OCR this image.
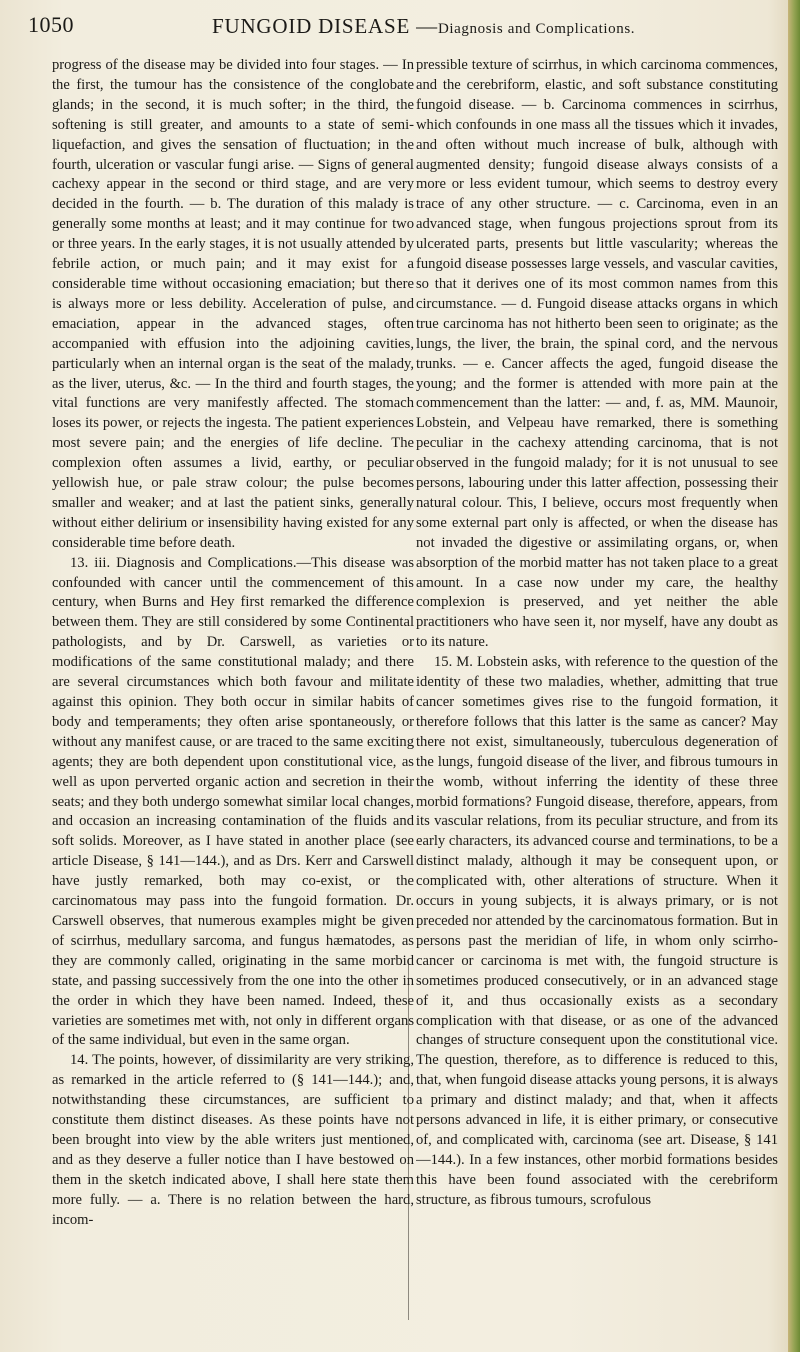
1050	FUNGOID DISEASE —Diagnosis and Complications.

progress of the disease may be divided into four stages. — In the first, the tumour has the consistence of the conglobate glands; in the second, it is much softer; in the third, the softening is still greater, and amounts to a state of semi-liquefaction, and gives the sensation of fluctuation; in the fourth, ulceration or vascular fungi arise. — Signs of general cachexy appear in the second or third stage, and are very decided in the fourth. — b. The duration of this malady is generally some months at least; and it may continue for two or three years. In the early stages, it is not usually attended by febrile action, or much pain; and it may exist for a considerable time without occasioning emaciation; but there is always more or less debility. Acceleration of pulse, and emaciation, appear in the advanced stages, often accompanied with effusion into the adjoining cavities, particularly when an internal organ is the seat of the malady, as the liver, uterus, &c. — In the third and fourth stages, the vital functions are very manifestly affected. The stomach loses its power, or rejects the ingesta. The patient experiences most severe pain; and the energies of life decline. The complexion often assumes a livid, earthy, or peculiar yellowish hue, or pale straw colour; the pulse becomes smaller and weaker; and at last the patient sinks, generally without either delirium or insensibility having existed for any considerable time before death.

13. iii. Diagnosis and Complications.—This disease was confounded with cancer until the commencement of this century, when Burns and Hey first remarked the difference between them. They are still considered by some Continental pathologists, and by Dr. Carswell, as varieties or modifications of the same constitutional malady; and there are several circumstances which both favour and militate against this opinion. They both occur in similar habits of body and temperaments; they often arise spontaneously, or without any manifest cause, or are traced to the same exciting agents; they are both dependent upon constitutional vice, as well as upon perverted organic action and secretion in their seats; and they both undergo somewhat similar local changes, and occasion an increasing contamination of the fluids and soft solids. Moreover, as I have stated in another place (see article Disease, § 141—144.), and as Drs. Kerr and Carswell have justly remarked, both may co-exist, or the carcinomatous may pass into the fungoid formation. Dr. Carswell observes, that numerous examples might be given of scirrhus, medullary sarcoma, and fungus hæmatodes, as they are commonly called, originating in the same morbid state, and passing successively from the one into the other in the order in which they have been named. Indeed, these varieties are sometimes met with, not only in different organs of the same individual, but even in the same organ.

14. The points, however, of dissimilarity are very striking, as remarked in the article referred to (§ 141—144.); and, notwithstanding these circumstances, are sufficient to constitute them distinct diseases. As these points have not been brought into view by the able writers just mentioned, and as they deserve a fuller notice than I have bestowed on them in the sketch indicated above, I shall here state them more fully. — a. There is no relation between the hard, incom-

pressible texture of scirrhus, in which carcinoma commences, and the cerebriform, elastic, and soft substance constituting fungoid disease. — b. Carcinoma commences in scirrhus, which confounds in one mass all the tissues which it invades, and often without much increase of bulk, although with augmented density; fungoid disease always consists of a more or less evident tumour, which seems to destroy every trace of any other structure. — c. Carcinoma, even in an advanced stage, when fungous projections sprout from its ulcerated parts, presents but little vascularity; whereas the fungoid disease possesses large vessels, and vascular cavities, so that it derives one of its most common names from this circumstance. — d. Fungoid disease attacks organs in which true carcinoma has not hitherto been seen to originate; as the lungs, the liver, the brain, the spinal cord, and the nervous trunks. — e. Cancer affects the aged, fungoid disease the young; and the former is attended with more pain at the commencement than the latter: — and, f. as, MM. Maunoir, Lobstein, and Velpeau have remarked, there is something peculiar in the cachexy attending carcinoma, that is not observed in the fungoid malady; for it is not unusual to see persons, labouring under this latter affection, possessing their natural colour. This, I believe, occurs most frequently when some external part only is affected, or when the disease has not invaded the digestive or assimilating organs, or, when absorption of the morbid matter has not taken place to a great amount. In a case now under my care, the healthy complexion is preserved, and yet neither the able practitioners who have seen it, nor myself, have any doubt as to its nature.

15. M. Lobstein asks, with reference to the question of the identity of these two maladies, whether, admitting that true cancer sometimes gives rise to the fungoid formation, it therefore follows that this latter is the same as cancer? May there not exist, simultaneously, tuberculous degeneration of the lungs, fungoid disease of the liver, and fibrous tumours in the womb, without inferring the identity of these three morbid formations? Fungoid disease, therefore, appears, from its vascular relations, from its peculiar structure, and from its early characters, its advanced course and terminations, to be a distinct malady, although it may be consequent upon, or complicated with, other alterations of structure. When it occurs in young subjects, it is always primary, or is not preceded nor attended by the carcinomatous formation. But in persons past the meridian of life, in whom only scirrho-cancer or carcinoma is met with, the fungoid structure is sometimes produced consecutively, or in an advanced stage of it, and thus occasionally exists as a secondary complication with that disease, or as one of the advanced changes of structure consequent upon the constitutional vice. The question, therefore, as to difference is reduced to this, that, when fungoid disease attacks young persons, it is always a primary and distinct malady; and that, when it affects persons advanced in life, it is either primary, or consecutive of, and complicated with, carcinoma (see art. Disease, § 141—144.). In a few instances, other morbid formations besides this have been found associated with the cerebriform structure, as fibrous tumours, scrofulous
